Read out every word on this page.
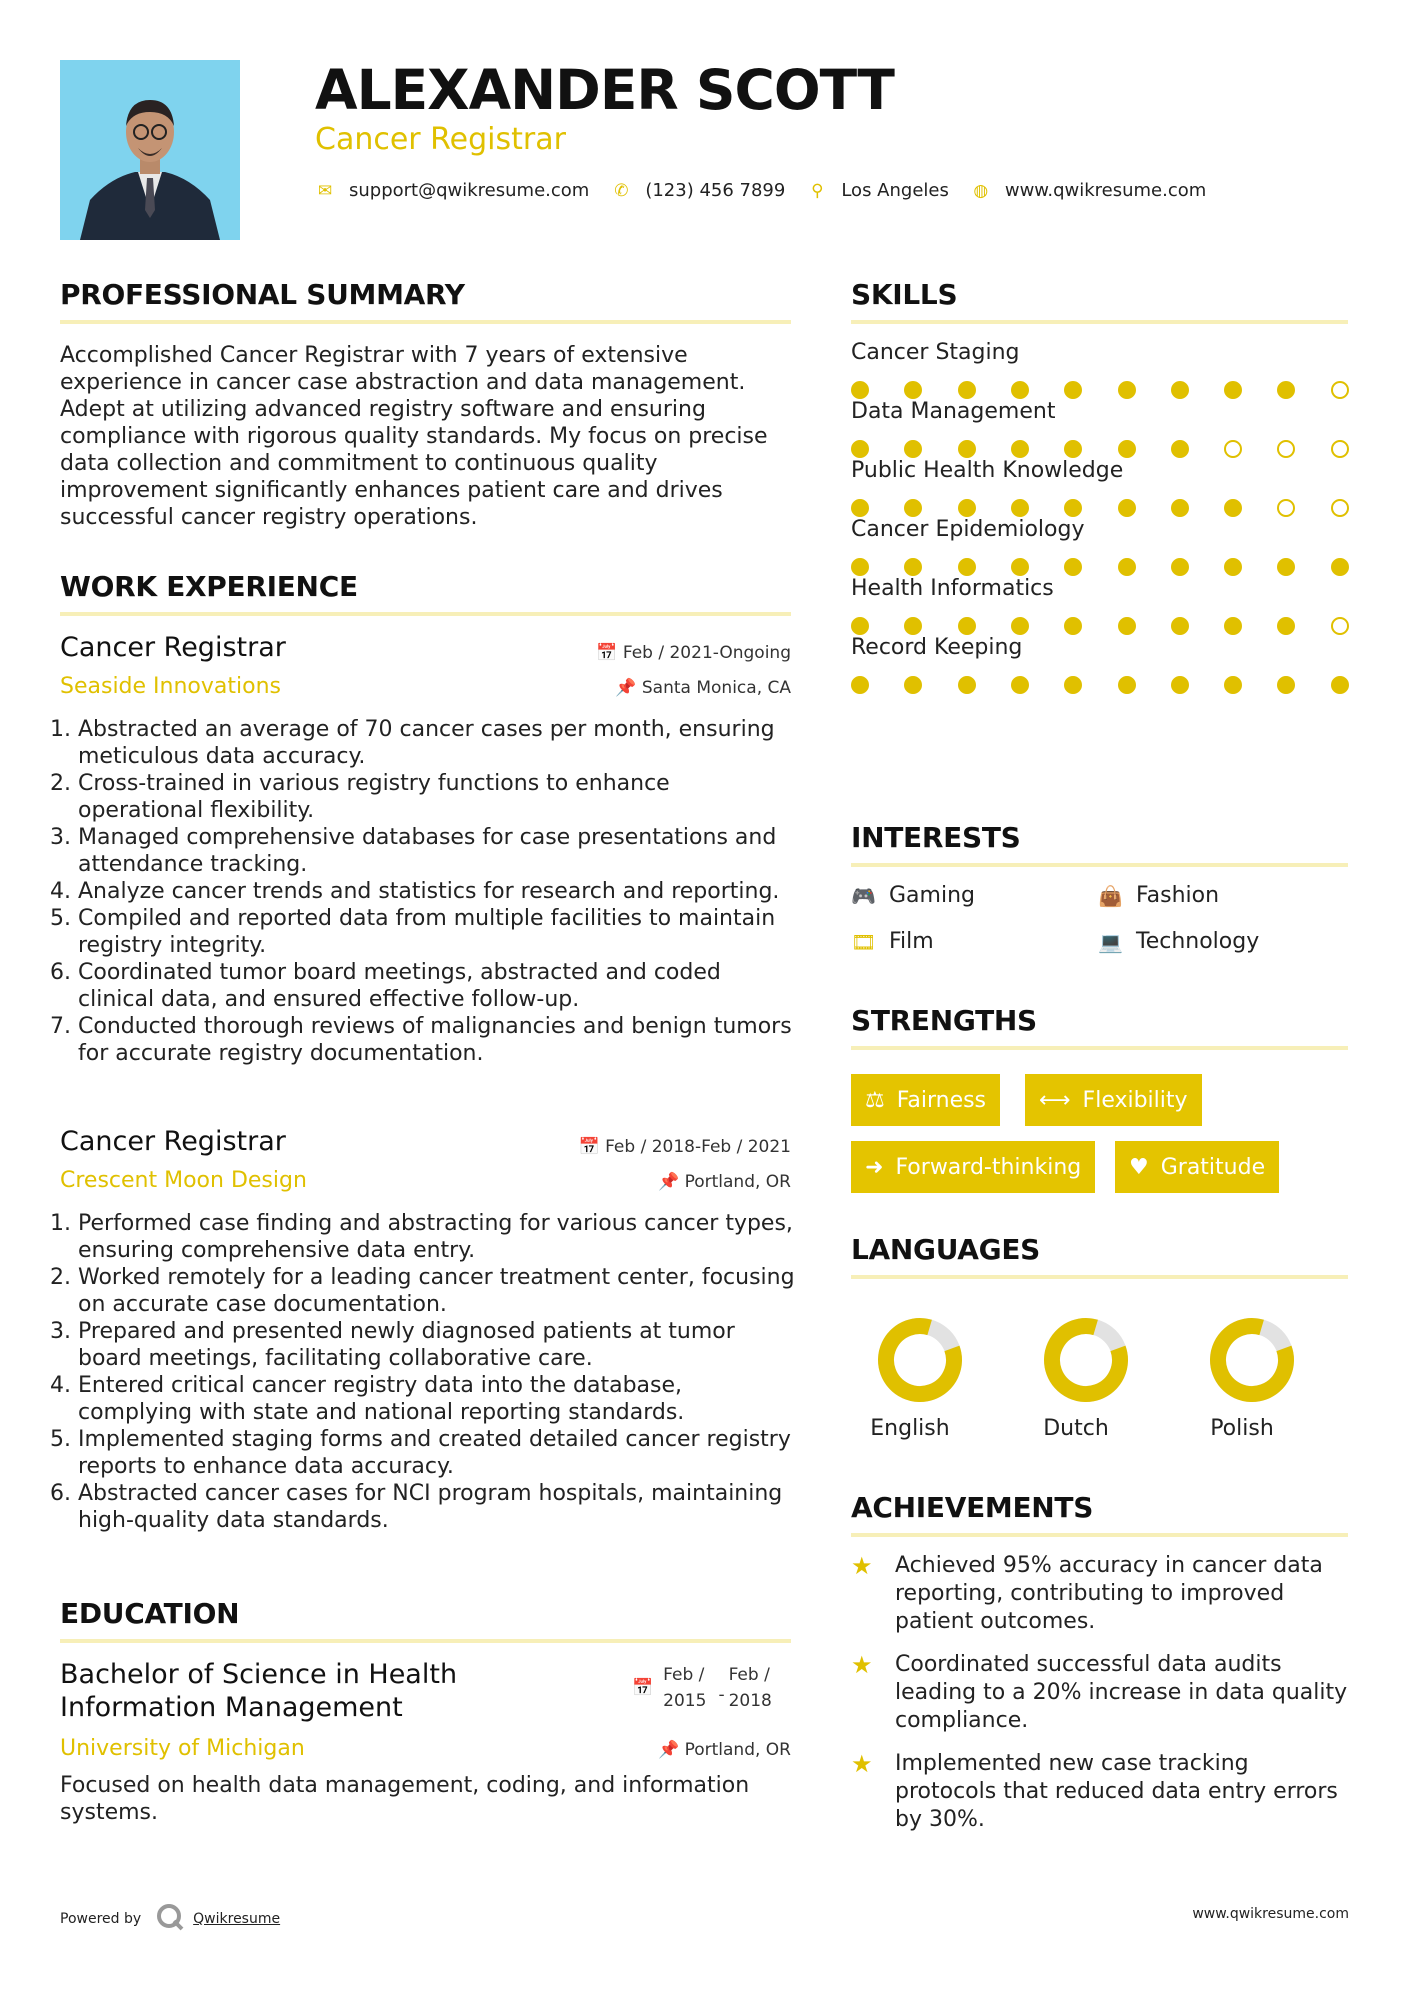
ALEXANDER SCOTT
Cancer Registrar
✉ support@qwikresume.com ✆ (123) 456 7899 ⚲ Los Angeles ◍ www.qwikresume.com
PROFESSIONAL SUMMARY
Accomplished Cancer Registrar with 7 years of extensive experience in cancer case abstraction and data management. Adept at utilizing advanced registry software and ensuring compliance with rigorous quality standards. My focus on precise data collection and commitment to continuous quality improvement significantly enhances patient care and drives successful cancer registry operations.
WORK EXPERIENCE
Cancer Registrar	📅 Feb / 2021-Ongoing
Seaside Innovations	📌 Santa Monica, CA
1. Abstracted an average of 70 cancer cases per month, ensuring meticulous data accuracy.
2. Cross-trained in various registry functions to enhance operational flexibility.
3. Managed comprehensive databases for case presentations and attendance tracking.
4. Analyze cancer trends and statistics for research and reporting.
5. Compiled and reported data from multiple facilities to maintain registry integrity.
6. Coordinated tumor board meetings, abstracted and coded clinical data, and ensured effective follow-up.
7. Conducted thorough reviews of malignancies and benign tumors for accurate registry documentation.
Cancer Registrar	📅 Feb / 2018-Feb / 2021
Crescent Moon Design	📌 Portland, OR
1. Performed case finding and abstracting for various cancer types, ensuring comprehensive data entry.
2. Worked remotely for a leading cancer treatment center, focusing on accurate case documentation.
3. Prepared and presented newly diagnosed patients at tumor board meetings, facilitating collaborative care.
4. Entered critical cancer registry data into the database, complying with state and national reporting standards.
5. Implemented staging forms and created detailed cancer registry reports to enhance data accuracy.
6. Abstracted cancer cases for NCI program hospitals, maintaining high-quality data standards.
EDUCATION
Bachelor of Science in Health Information Management
📅
Feb /
2015 -
Feb /
2018
University of Michigan	📌 Portland, OR
Focused on health data management, coding, and information systems.
SKILLS
Cancer Staging
Data Management
Public Health Knowledge
Cancer Epidemiology
Health Informatics
Record Keeping
INTERESTS
🎮 Gaming	👜 Fashion
🎞 Film	💻 Technology
STRENGTHS
⚖ Fairness ⟷ Flexibility
➜ Forward-thinking ♥ Gratitude
LANGUAGES
English	Dutch	Polish
ACHIEVEMENTS
★	Achieved 95% accuracy in cancer data reporting, contributing to improved patient outcomes.
★	Coordinated successful data audits leading to a 20% increase in data quality compliance.
★	Implemented new case tracking protocols that reduced data entry errors by 30%.
Powered by	Qwikresume	www.qwikresume.com
